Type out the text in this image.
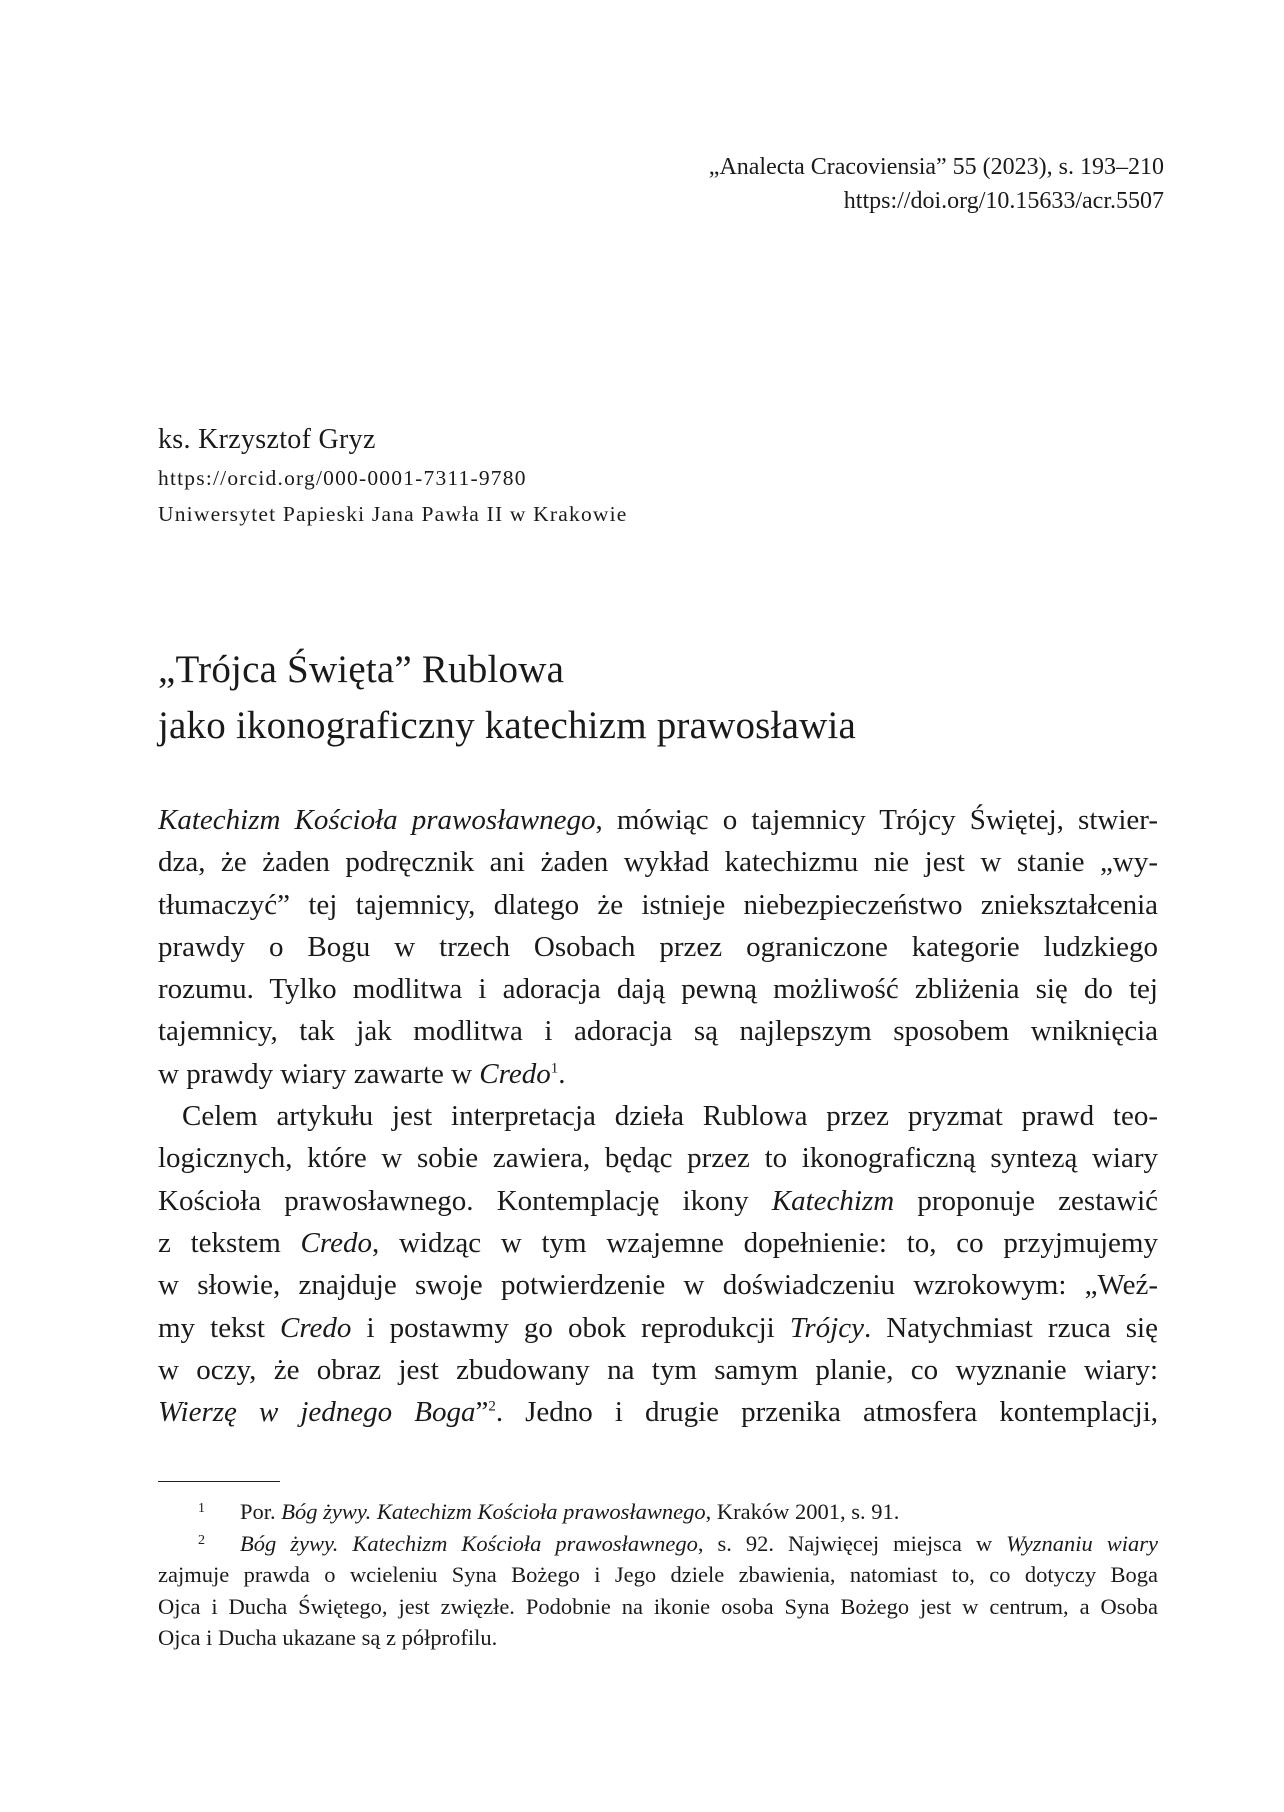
„Analecta Cracoviensia” 55 (2023), s. 193–210
https://doi.org/10.15633/acr.5507
ks. Krzysztof Gryz
https://orcid.org/000-0001-7311-9780
Uniwersytet Papieski Jana Pawła II w Krakowie
„Trójca Święta” Rublowa
jako ikonograficzny katechizm prawosławia
Katechizm Kościoła prawosławnego, mówiąc o tajemnicy Trójcy Świętej, stwier-
dza, że żaden podręcznik ani żaden wykład katechizmu nie jest w stanie „wy-
tłumaczyć” tej tajemnicy, dlatego że istnieje niebezpieczeństwo zniekształcenia
prawdy o Bogu w trzech Osobach przez ograniczone kategorie ludzkiego
rozumu. Tylko modlitwa i adoracja dają pewną możliwość zbliżenia się do tej
tajemnicy, tak jak modlitwa i adoracja są najlepszym sposobem wniknięcia
w prawdy wiary zawarte w Credo$^1$.
Celem artykułu jest interpretacja dzieła Rublowa przez pryzmat prawd teo-
logicznych, które w sobie zawiera, będąc przez to ikonograficzną syntezą wiary
Kościoła prawosławnego. Kontemplację ikony Katechizm proponuje zestawić
z tekstem Credo, widząc w tym wzajemne dopełnienie: to, co przyjmujemy
w słowie, znajduje swoje potwierdzenie w doświadczeniu wzrokowym: „Weź-
my tekst Credo i postawmy go obok reprodukcji Trójcy. Natychmiast rzuca się
w oczy, że obraz jest zbudowany na tym samym planie, co wyznanie wiary:
Wierzę w jednego Boga”$^2$. Jedno i drugie przenika atmosfera kontemplacji,
1 Por. Bóg żywy. Katechizm Kościoła prawosławnego, Kraków 2001, s. 91.
2 Bóg żywy. Katechizm Kościoła prawosławnego, s. 92. Najwięcej miejsca w Wyznaniu wiary
zajmuje prawda o wcieleniu Syna Bożego i Jego dziele zbawienia, natomiast to, co dotyczy Boga
Ojca i Ducha Świętego, jest zwięzłe. Podobnie na ikonie osoba Syna Bożego jest w centrum, a Osoba
Ojca i Ducha ukazane są z półprofilu.
